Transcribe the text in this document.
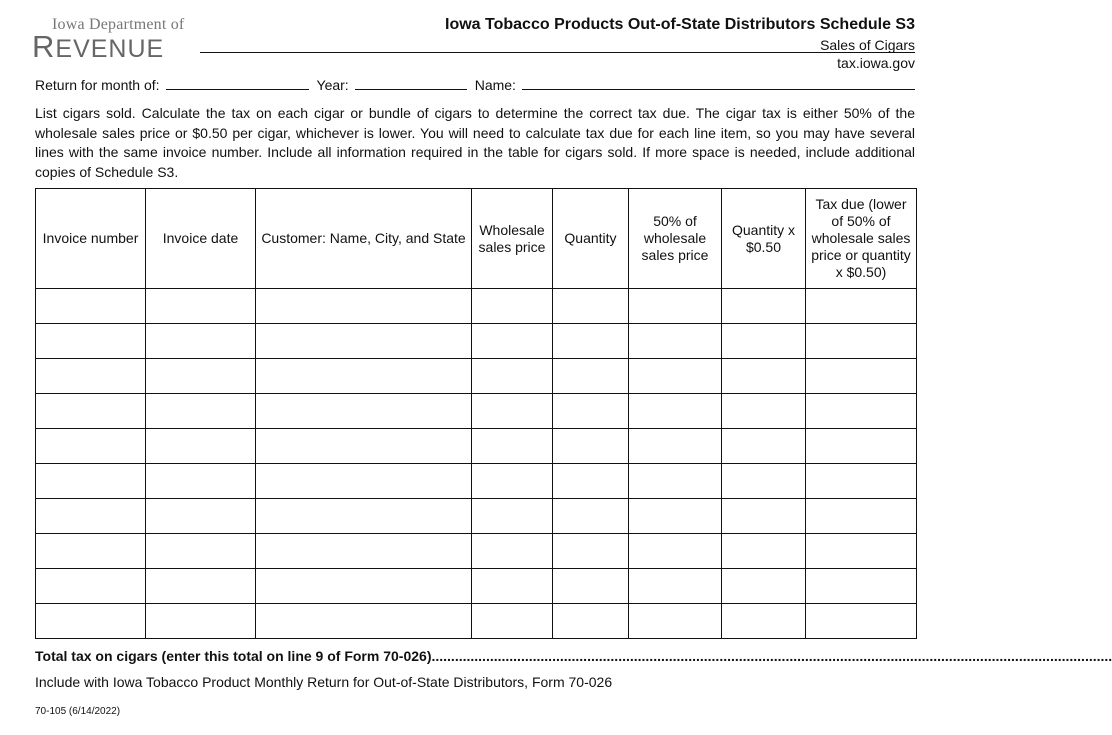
Iowa Department of
REVENUE
Iowa Tobacco Products Out-of-State Distributors Schedule S3
Sales of Cigars
tax.iowa.gov
Return for month of:	Year:	Name:
List cigars sold. Calculate the tax on each cigar or bundle of cigars to determine the correct tax due. The cigar tax is either 50% of the wholesale sales price or $0.50 per cigar, whichever is lower. You will need to calculate tax due for each line item, so you may have several lines with the same invoice number. Include all information required in the table for cigars sold. If more space is needed, include additional copies of Schedule S3.
Invoice number	Invoice date	Customer: Name, City, and State	Wholesale sales price	Quantity	50% of wholesale sales price	Quantity x $0.50	Tax due (lower of 50% of wholesale sales price or quantity x $0.50)

Total tax on cigars (enter this total on line 9 of Form 70-026) ...............................................................................................................................................................................
Include with Iowa Tobacco Product Monthly Return for Out-of-State Distributors, Form 70-026
70-105 (6/14/2022)
